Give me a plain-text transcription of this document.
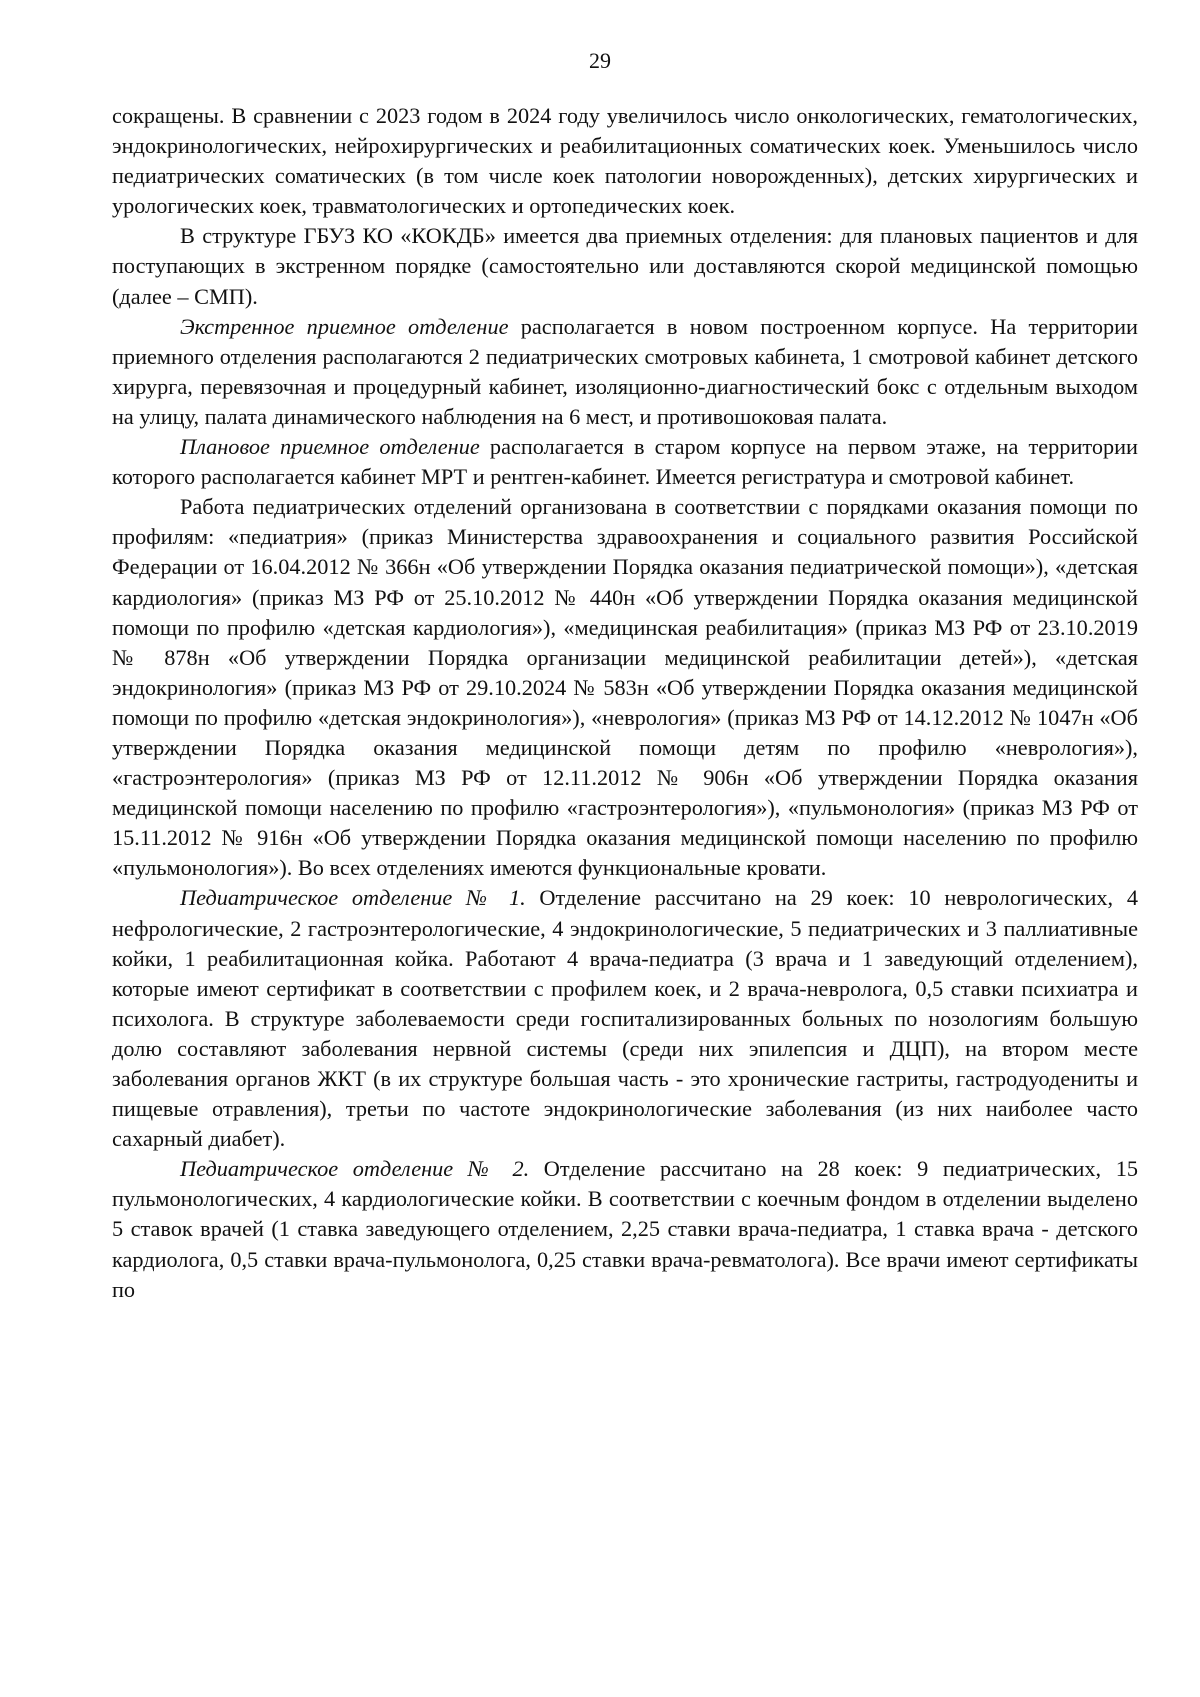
29

сокращены. В сравнении с 2023 годом в 2024 году увеличилось число онкологических, гематологических, эндокринологических, нейрохирургических и реабилитационных соматических коек. Уменьшилось число педиатрических соматических (в том числе коек патологии новорожденных), детских хирургических и урологических коек, травматологических и ортопедических коек.

В структуре ГБУЗ КО «КОКДБ» имеется два приемных отделения: для плановых пациентов и для поступающих в экстренном порядке (самостоятельно или доставляются скорой медицинской помощью (далее – СМП).

Экстренное приемное отделение располагается в новом построенном корпусе. На территории приемного отделения располагаются 2 педиатрических смотровых кабинета, 1 смотровой кабинет детского хирурга, перевязочная и процедурный кабинет, изоляционно-диагностический бокс с отдельным выходом на улицу, палата динамического наблюдения на 6 мест, и противошоковая палата.

Плановое приемное отделение располагается в старом корпусе на первом этаже, на территории которого располагается кабинет МРТ и рентген-кабинет. Имеется регистратура и смотровой кабинет.

Работа педиатрических отделений организована в соответствии с порядками оказания помощи по профилям: «педиатрия» (приказ Министерства здравоохранения и социального развития Российской Федерации от 16.04.2012 № 366н «Об утверждении Порядка оказания педиатрической помощи»), «детская кардиология» (приказ МЗ РФ от 25.10.2012 № 440н «Об утверждении Порядка оказания медицинской помощи по профилю «детская кардиология»), «медицинская реабилитация» (приказ МЗ РФ от 23.10.2019 № 878н «Об утверждении Порядка организации медицинской реабилитации детей»), «детская эндокринология» (приказ МЗ РФ от 29.10.2024 № 583н «Об утверждении Порядка оказания медицинской помощи по профилю «детская эндокринология»), «неврология» (приказ МЗ РФ от 14.12.2012 № 1047н «Об утверждении Порядка оказания медицинской помощи детям по профилю «неврология»), «гастроэнтерология» (приказ МЗ РФ от 12.11.2012 № 906н «Об утверждении Порядка оказания медицинской помощи населению по профилю «гастроэнтерология»), «пульмонология» (приказ МЗ РФ от 15.11.2012 № 916н «Об утверждении Порядка оказания медицинской помощи населению по профилю «пульмонология»). Во всех отделениях имеются функциональные кровати.

Педиатрическое отделение № 1. Отделение рассчитано на 29 коек: 10 неврологических, 4 нефрологические, 2 гастроэнтерологические, 4 эндокринологические, 5 педиатрических и 3 паллиативные койки, 1 реабилитационная койка. Работают 4 врача-педиатра (3 врача и 1 заведующий отделением), которые имеют сертификат в соответствии с профилем коек, и 2 врача-невролога, 0,5 ставки психиатра и психолога. В структуре заболеваемости среди госпитализированных больных по нозологиям большую долю составляют заболевания нервной системы (среди них эпилепсия и ДЦП), на втором месте заболевания органов ЖКТ (в их структуре большая часть - это хронические гастриты, гастродуодениты и пищевые отравления), третьи по частоте эндокринологические заболевания (из них наиболее часто сахарный диабет).

Педиатрическое отделение № 2. Отделение рассчитано на 28 коек: 9 педиатрических, 15 пульмонологических, 4 кардиологические койки. В соответствии с коечным фондом в отделении выделено 5 ставок врачей (1 ставка заведующего отделением, 2,25 ставки врача-педиатра, 1 ставка врача - детского кардиолога, 0,5 ставки врача-пульмонолога, 0,25 ставки врача-ревматолога). Все врачи имеют сертификаты по
